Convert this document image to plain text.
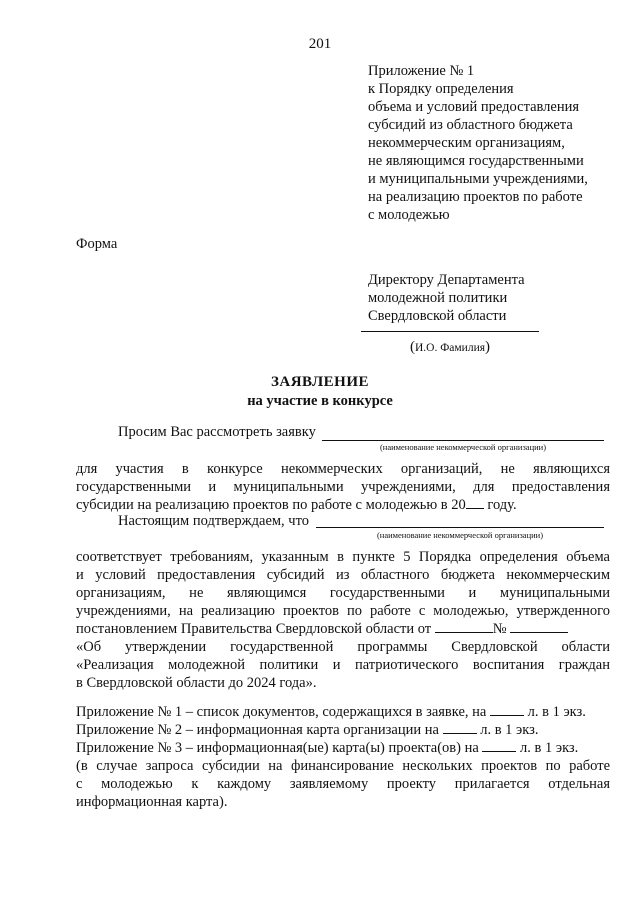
201
Приложение № 1
к Порядку определения
объема и условий предоставления
субсидий из областного бюджета
некоммерческим организациям,
не являющимся государственными
и муниципальными учреждениями,
на реализацию проектов по работе
с молодежью
Форма
Директору Департамента
молодежной политики
Свердловской области
(И.О. Фамилия)
ЗАЯВЛЕНИЕ
на участие в конкурсе
Просим Вас рассмотреть заявку
(наименование некоммерческой организации)
для участия в конкурсе некоммерческих организаций, не являющихся
государственными и муниципальными учреждениями, для предоставления
субсидии на реализацию проектов по работе с молодежью в 20 году.
Настоящим подтверждаем, что
(наименование некоммерческой организации)
соответствует требованиям, указанным в пункте 5 Порядка определения объема
и условий предоставления субсидий из областного бюджета некоммерческим
организациям, не являющимся государственными и муниципальными
учреждениями, на реализацию проектов по работе с молодежью, утвержденного
постановлением Правительства Свердловской области от	№
«Об утверждении государственной программы Свердловской области
«Реализация молодежной политики и патриотического воспитания граждан
в Свердловской области до 2024 года».
Приложение № 1 – список документов, содержащихся в заявке, на	л. в 1 экз.
Приложение № 2 – информационная карта организации на	л. в 1 экз.
Приложение № 3 – информационная(ые) карта(ы) проекта(ов) на	л. в 1 экз.
(в случае запроса субсидии на финансирование нескольких проектов по работе
с молодежью к каждому заявляемому проекту прилагается отдельная
информационная карта).
